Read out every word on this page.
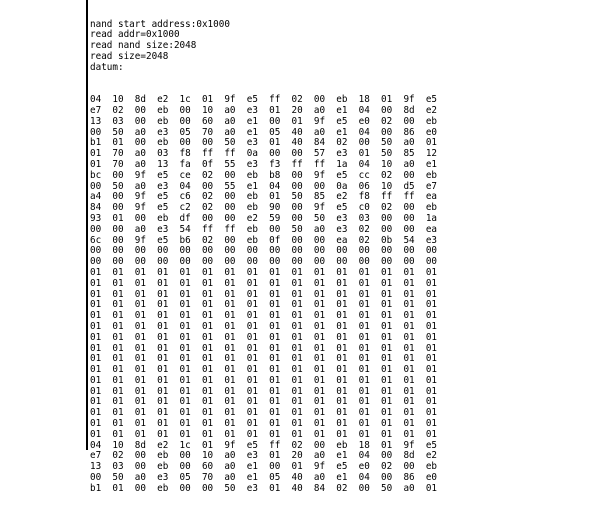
nand start address:0x1000
read addr=0x1000
read nand size:2048
read size=2048
datum:

04  10  8d  e2  1c  01  9f  e5  ff  02  00  eb  18  01  9f  e5
e7  02  00  eb  00  10  a0  e3  01  20  a0  e1  04  00  8d  e2
13  03  00  eb  00  60  a0  e1  00  01  9f  e5  e0  02  00  eb
00  50  a0  e3  05  70  a0  e1  05  40  a0  e1  04  00  86  e0
b1  01  00  eb  00  00  50  e3  01  40  84  02  00  50  a0  01
01  70  a0  03  f8  ff  ff  0a  00  00  57  e3  01  50  85  12
01  70  a0  13  fa  0f  55  e3  f3  ff  ff  1a  04  10  a0  e1
bc  00  9f  e5  ce  02  00  eb  b8  00  9f  e5  cc  02  00  eb
00  50  a0  e3  04  00  55  e1  04  00  00  0a  06  10  d5  e7
a4  00  9f  e5  c6  02  00  eb  01  50  85  e2  f8  ff  ff  ea
84  00  9f  e5  c2  02  00  eb  90  00  9f  e5  c0  02  00  eb
93  01  00  eb  df  00  00  e2  59  00  50  e3  03  00  00  1a
00  00  a0  e3  54  ff  ff  eb  00  50  a0  e3  02  00  00  ea
6c  00  9f  e5  b6  02  00  eb  0f  00  00  ea  02  0b  54  e3
00  00  00  00  00  00  00  00  00  00  00  00  00  00  00  00
00  00  00  00  00  00  00  00  00  00  00  00  00  00  00  00
01  01  01  01  01  01  01  01  01  01  01  01  01  01  01  01
01  01  01  01  01  01  01  01  01  01  01  01  01  01  01  01
01  01  01  01  01  01  01  01  01  01  01  01  01  01  01  01
01  01  01  01  01  01  01  01  01  01  01  01  01  01  01  01
01  01  01  01  01  01  01  01  01  01  01  01  01  01  01  01
01  01  01  01  01  01  01  01  01  01  01  01  01  01  01  01
01  01  01  01  01  01  01  01  01  01  01  01  01  01  01  01
01  01  01  01  01  01  01  01  01  01  01  01  01  01  01  01
01  01  01  01  01  01  01  01  01  01  01  01  01  01  01  01
01  01  01  01  01  01  01  01  01  01  01  01  01  01  01  01
01  01  01  01  01  01  01  01  01  01  01  01  01  01  01  01
01  01  01  01  01  01  01  01  01  01  01  01  01  01  01  01
01  01  01  01  01  01  01  01  01  01  01  01  01  01  01  01
01  01  01  01  01  01  01  01  01  01  01  01  01  01  01  01
01  01  01  01  01  01  01  01  01  01  01  01  01  01  01  01
01  01  01  01  01  01  01  01  01  01  01  01  01  01  01  01
04  10  8d  e2  1c  01  9f  e5  ff  02  00  eb  18  01  9f  e5
e7  02  00  eb  00  10  a0  e3  01  20  a0  e1  04  00  8d  e2
13  03  00  eb  00  60  a0  e1  00  01  9f  e5  e0  02  00  eb
00  50  a0  e3  05  70  a0  e1  05  40  a0  e1  04  00  86  e0
b1  01  00  eb  00  00  50  e3  01  40  84  02  00  50  a0  01
